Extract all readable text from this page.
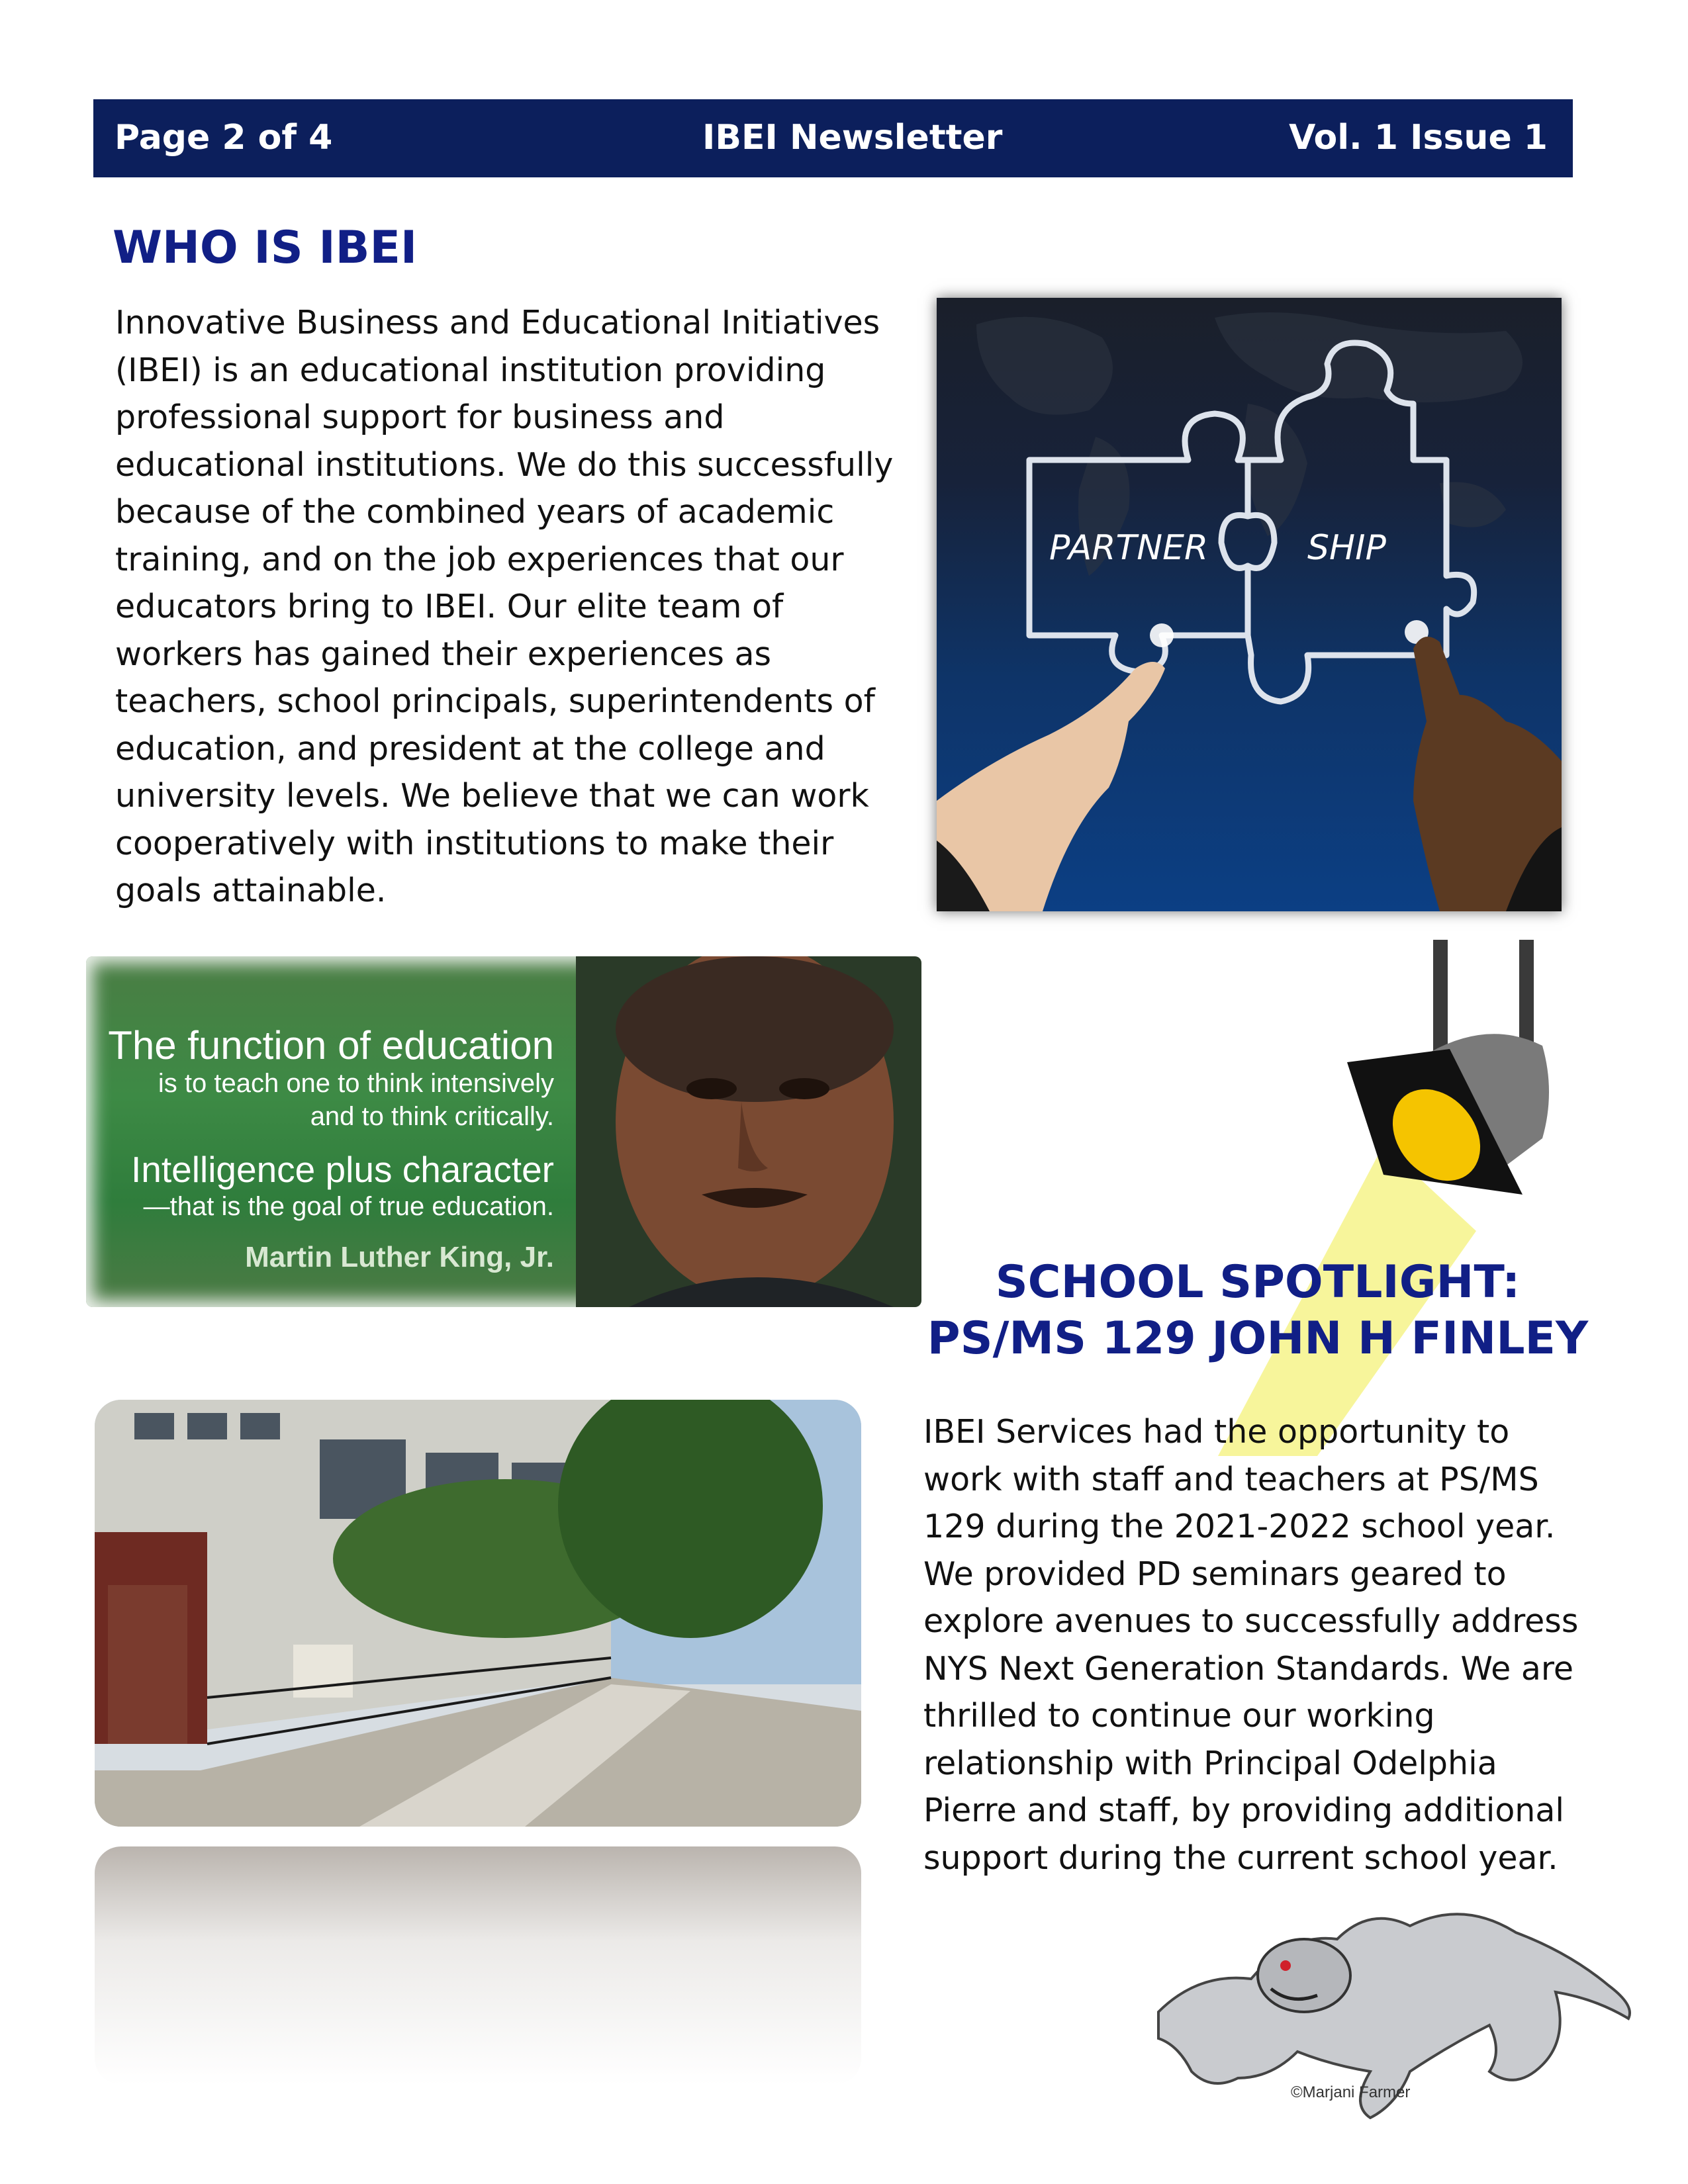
Page 2 of 4	IBEI Newsletter	Vol. 1 Issue 1
WHO IS IBEI
Innovative Business and Educational Initiatives (IBEI) is an educational institution providing professional support for business and educational institutions. We do this successfully because of the combined years of academic training, and on the job experiences that our educators bring to IBEI. Our elite team of workers has gained their experiences as teachers, school principals, superintendents of education, and president at the college and university levels. We believe that we can work cooperatively with institutions to make their goals attainable.
PARTNER	SHIP
The function of education
is to teach one to think intensively
and to think critically.
Intelligence plus character
—that is the goal of true education.
Martin Luther King, Jr.	SCHOOL SPOTLIGHT:
PS/MS 129 JOHN H FINLEY
IBEI Services had the opportunity to work with staff and teachers at PS/MS 129 during the 2021-2022 school year. We provided PD seminars geared to explore avenues to successfully address NYS Next Generation Standards. We are thrilled to continue our working relationship with Principal Odelphia Pierre and staff, by providing additional support during the current school year.
©Marjani Farmer
